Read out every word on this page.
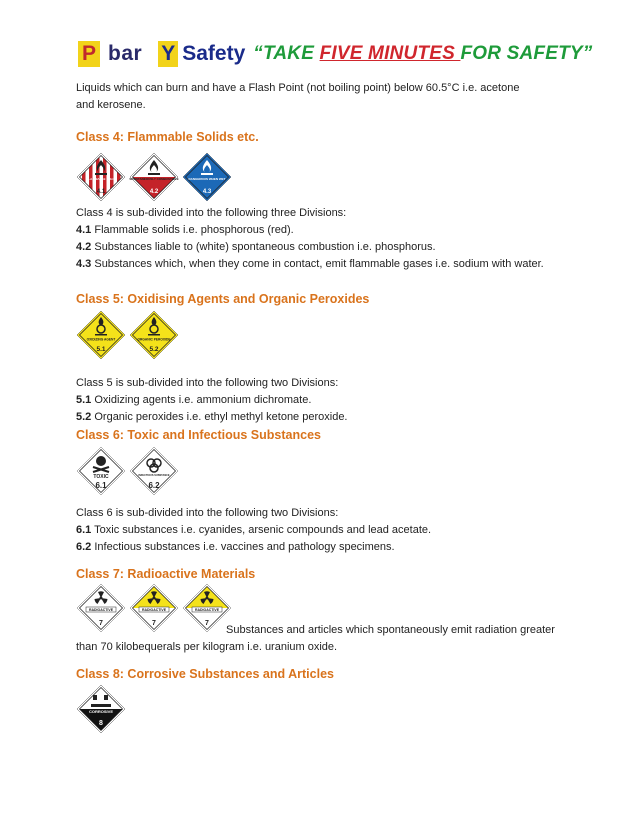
P bar Y Safety “TAKE FIVE MINUTES FOR SAFETY”
Liquids which can burn and have a Flash Point (not boiling point) below 60.5°C i.e. acetone and kerosene.
Class 4: Flammable Solids etc.
FLAMMABLE SOLID
4.1
SPONTANEOUSLY COMBUSTIBLE
4.2
DANGEROUS WHEN WET
4.3
Class 4 is sub-divided into the following three Divisions:
4.1 Flammable solids i.e. phosphorous (red).
4.2 Substances liable to (white) spontaneous combustion i.e. phosphorus.
4.3 Substances which, when they come in contact, emit flammable gases i.e. sodium with water.
Class 5: Oxidising Agents and Organic Peroxides
OXIDIZING AGENT
5.1
ORGANIC PEROXIDE
5.2
Class 5 is sub-divided into the following two Divisions:
5.1 Oxidizing agents i.e. ammonium dichromate.
5.2 Organic peroxides i.e. ethyl methyl ketone peroxide.
Class 6: Toxic and Infectious Substances
TOXIC
6.1
INFECTIOUS SUBSTANCE
6.2
Class 6 is sub-divided into the following two Divisions:
6.1 Toxic substances i.e. cyanides, arsenic compounds and lead acetate.
6.2 Infectious substances i.e. vaccines and pathology specimens.
Class 7: Radioactive Materials
RADIOACTIVE
7
RADIOACTIVE
7
RADIOACTIVE
7
Substances and articles which spontaneously emit radiation greater
than 70 kilobequerals per kilogram i.e. uranium oxide.
Class 8: Corrosive Substances and Articles
CORROSIVE
8
